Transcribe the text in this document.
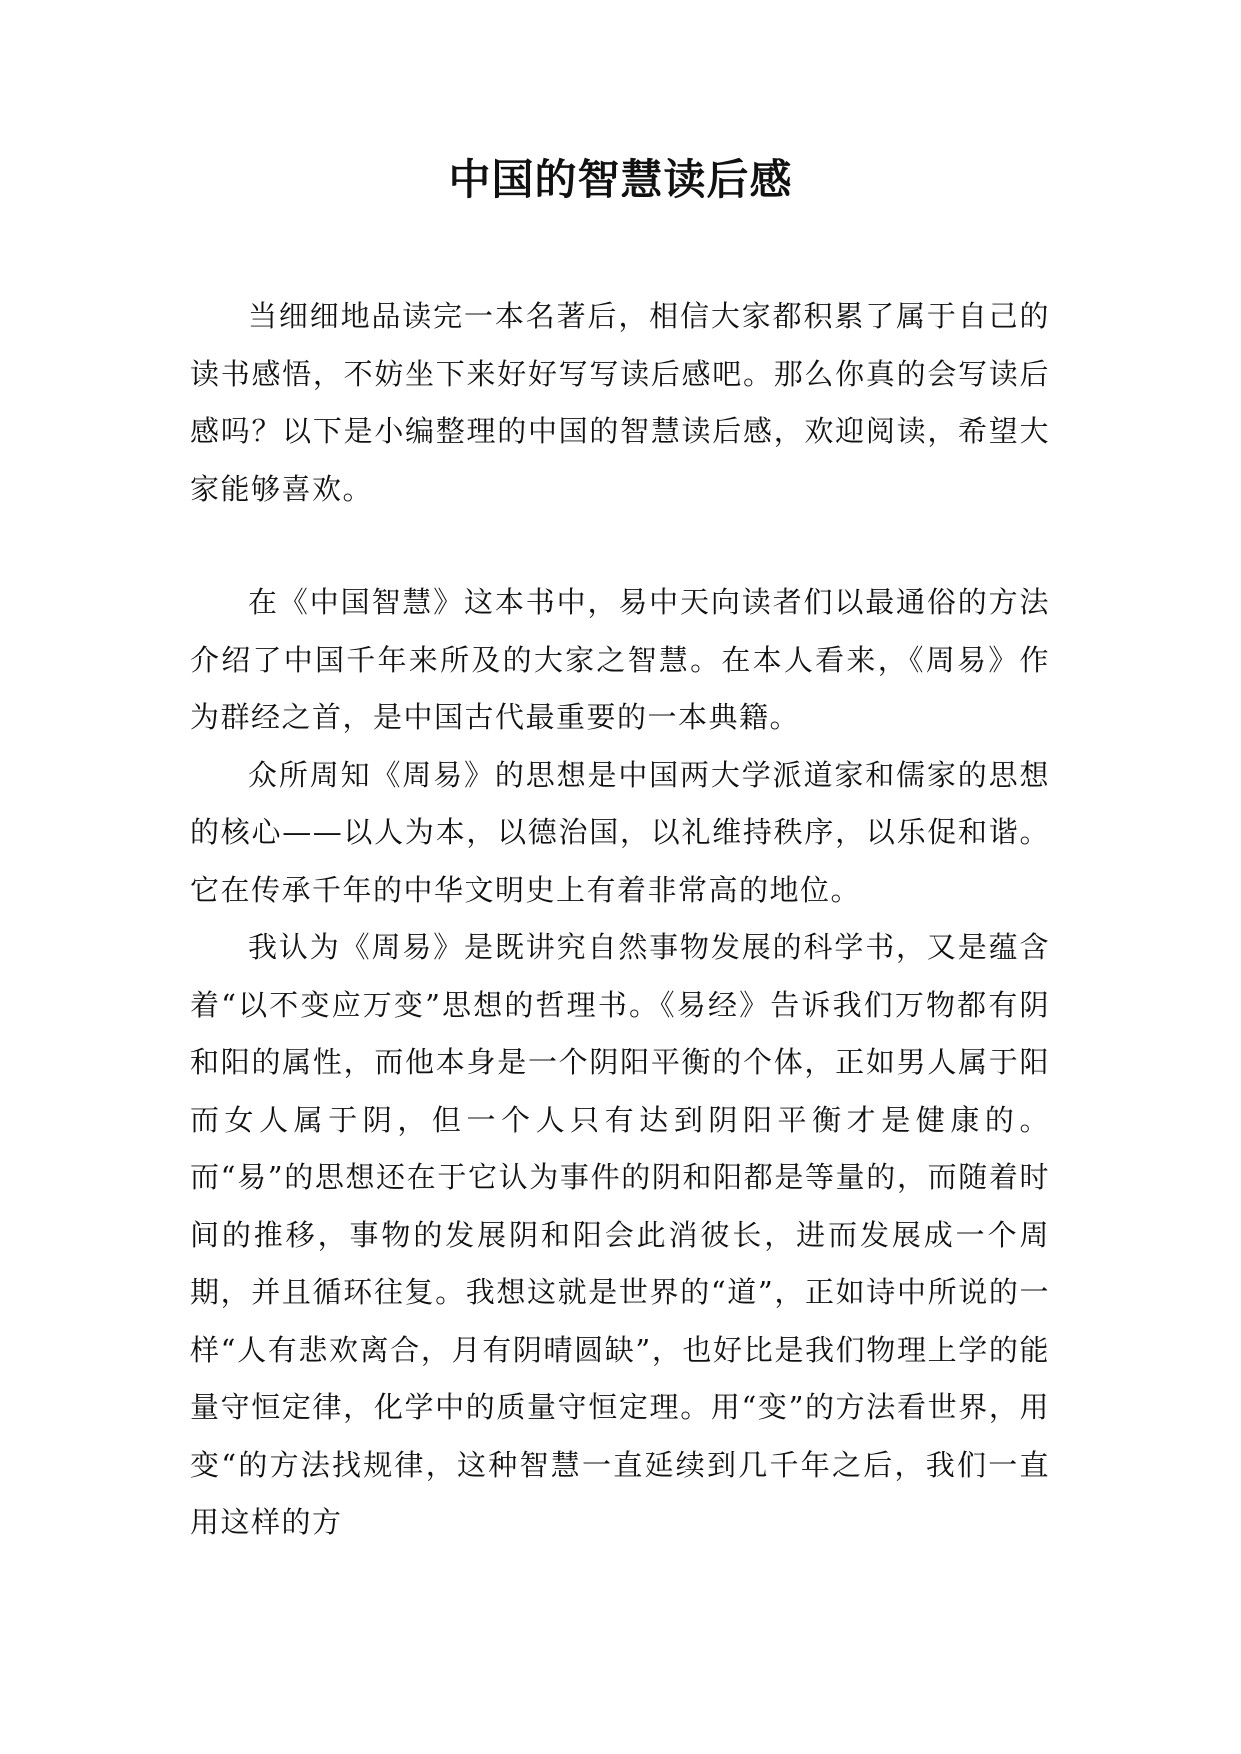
中国的智慧读后感

当细细地品读完一本名著后，相信大家都积累了属于自己的读书感悟，不妨坐下来好好写写读后感吧。那么你真的会写读后感吗？以下是小编整理的中国的智慧读后感，欢迎阅读，希望大家能够喜欢。

在《中国智慧》这本书中，易中天向读者们以最通俗的方法介绍了中国千年来所及的大家之智慧。在本人看来，《周易》作为群经之首，是中国古代最重要的一本典籍。

众所周知《周易》的思想是中国两大学派道家和儒家的思想的核心——以人为本，以德治国，以礼维持秩序，以乐促和谐。它在传承千年的中华文明史上有着非常高的地位。

我认为《周易》是既讲究自然事物发展的科学书，又是蕴含着“以不变应万变”思想的哲理书。《易经》告诉我们万物都有阴和阳的属性，而他本身是一个阴阳平衡的个体，正如男人属于阳而女人属于阴，但一个人只有达到阴阳平衡才是健康的。而“易”的思想还在于它认为事件的阴和阳都是等量的，而随着时间的推移，事物的发展阴和阳会此消彼长，进而发展成一个周期，并且循环往复。我想这就是世界的“道”，正如诗中所说的一样“人有悲欢离合，月有阴晴圆缺”，也好比是我们物理上学的能量守恒定律，化学中的质量守恒定理。用“变”的方法看世界，用变“的方法找规律，这种智慧一直延续到几千年之后，我们一直用这样的方
